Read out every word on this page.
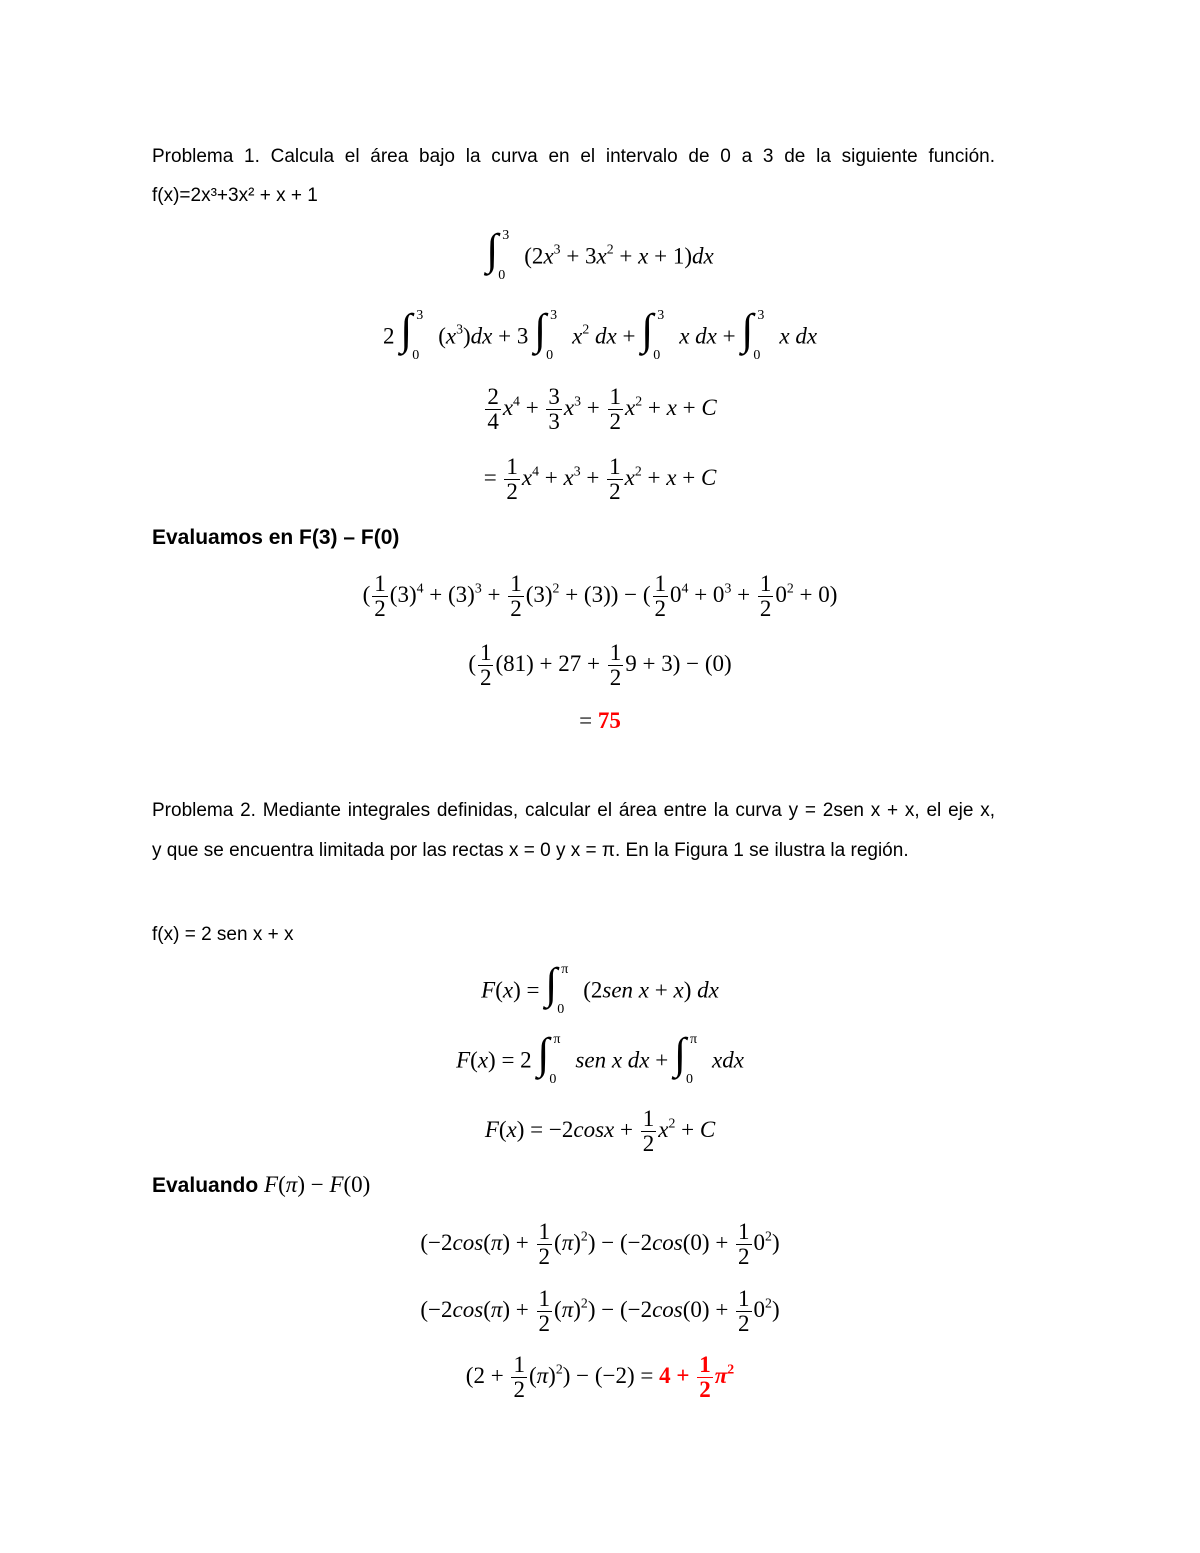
Problema 1. Calcula el área bajo la curva en el intervalo de 0 a 3 de la siguiente función.
f(x)=2x³+3x² + x + 1
∫ 3
0
$(2x^3 + 3x^2 + x + 1)dx$
2 ∫ 3
0
$(x^3)dx + 3$ ∫ 3
0
$x^2$ dx + ∫ 3
0
x dx + ∫ 3
0
x dx
$\frac{2}{4} x^4 + \frac{3}{3} x^3 + \frac{1}{2} x^2 + x + C$
= $\frac{1}{2} x^4 + x^3 + \frac{1}{2} x^2 + x + C$
Evaluamos en F(3) – F(0)
( $\frac{1}{2} (3)^4 + (3)^3 + \frac{1}{2} (3)^2 + (3)$) − ( $\frac{1}{2} 0^4 + 0^3 + \frac{1}{2} 0^2 + 0$)
( $\frac{1}{2} (81) + 27 + \frac{1}{2} 9 + 3) - (0)$
= 75
Problema 2. Mediante integrales definidas, calcular el área entre la curva y = 2sen x + x, el eje x,
y que se encuentra limitada por las rectas x = 0 y x = π. En la Figura 1 se ilustra la región.
f(x) = 2 sen x + x
F(x) = ∫ π
0
(2sen x + x) dx
F(x) = 2 ∫ π
0
sen x dx + ∫ π
0
xdx
$F(x) = -2\cos x + \frac{1}{2} x^2 + C$
Evaluando F(π) − F(0)
$(-2\cos(\pi) + \frac{1}{2} (\pi)^2) - (-2\cos(0) + \frac{1}{2} 0^2)$
$(-2\cos(\pi) + \frac{1}{2} (\pi)^2) - (-2\cos(0) + \frac{1}{2} 0^2)$
$(2 + \frac{1}{2} (\pi)^2) - (-2) = 4 + \frac{1}{2} \pi^2$
